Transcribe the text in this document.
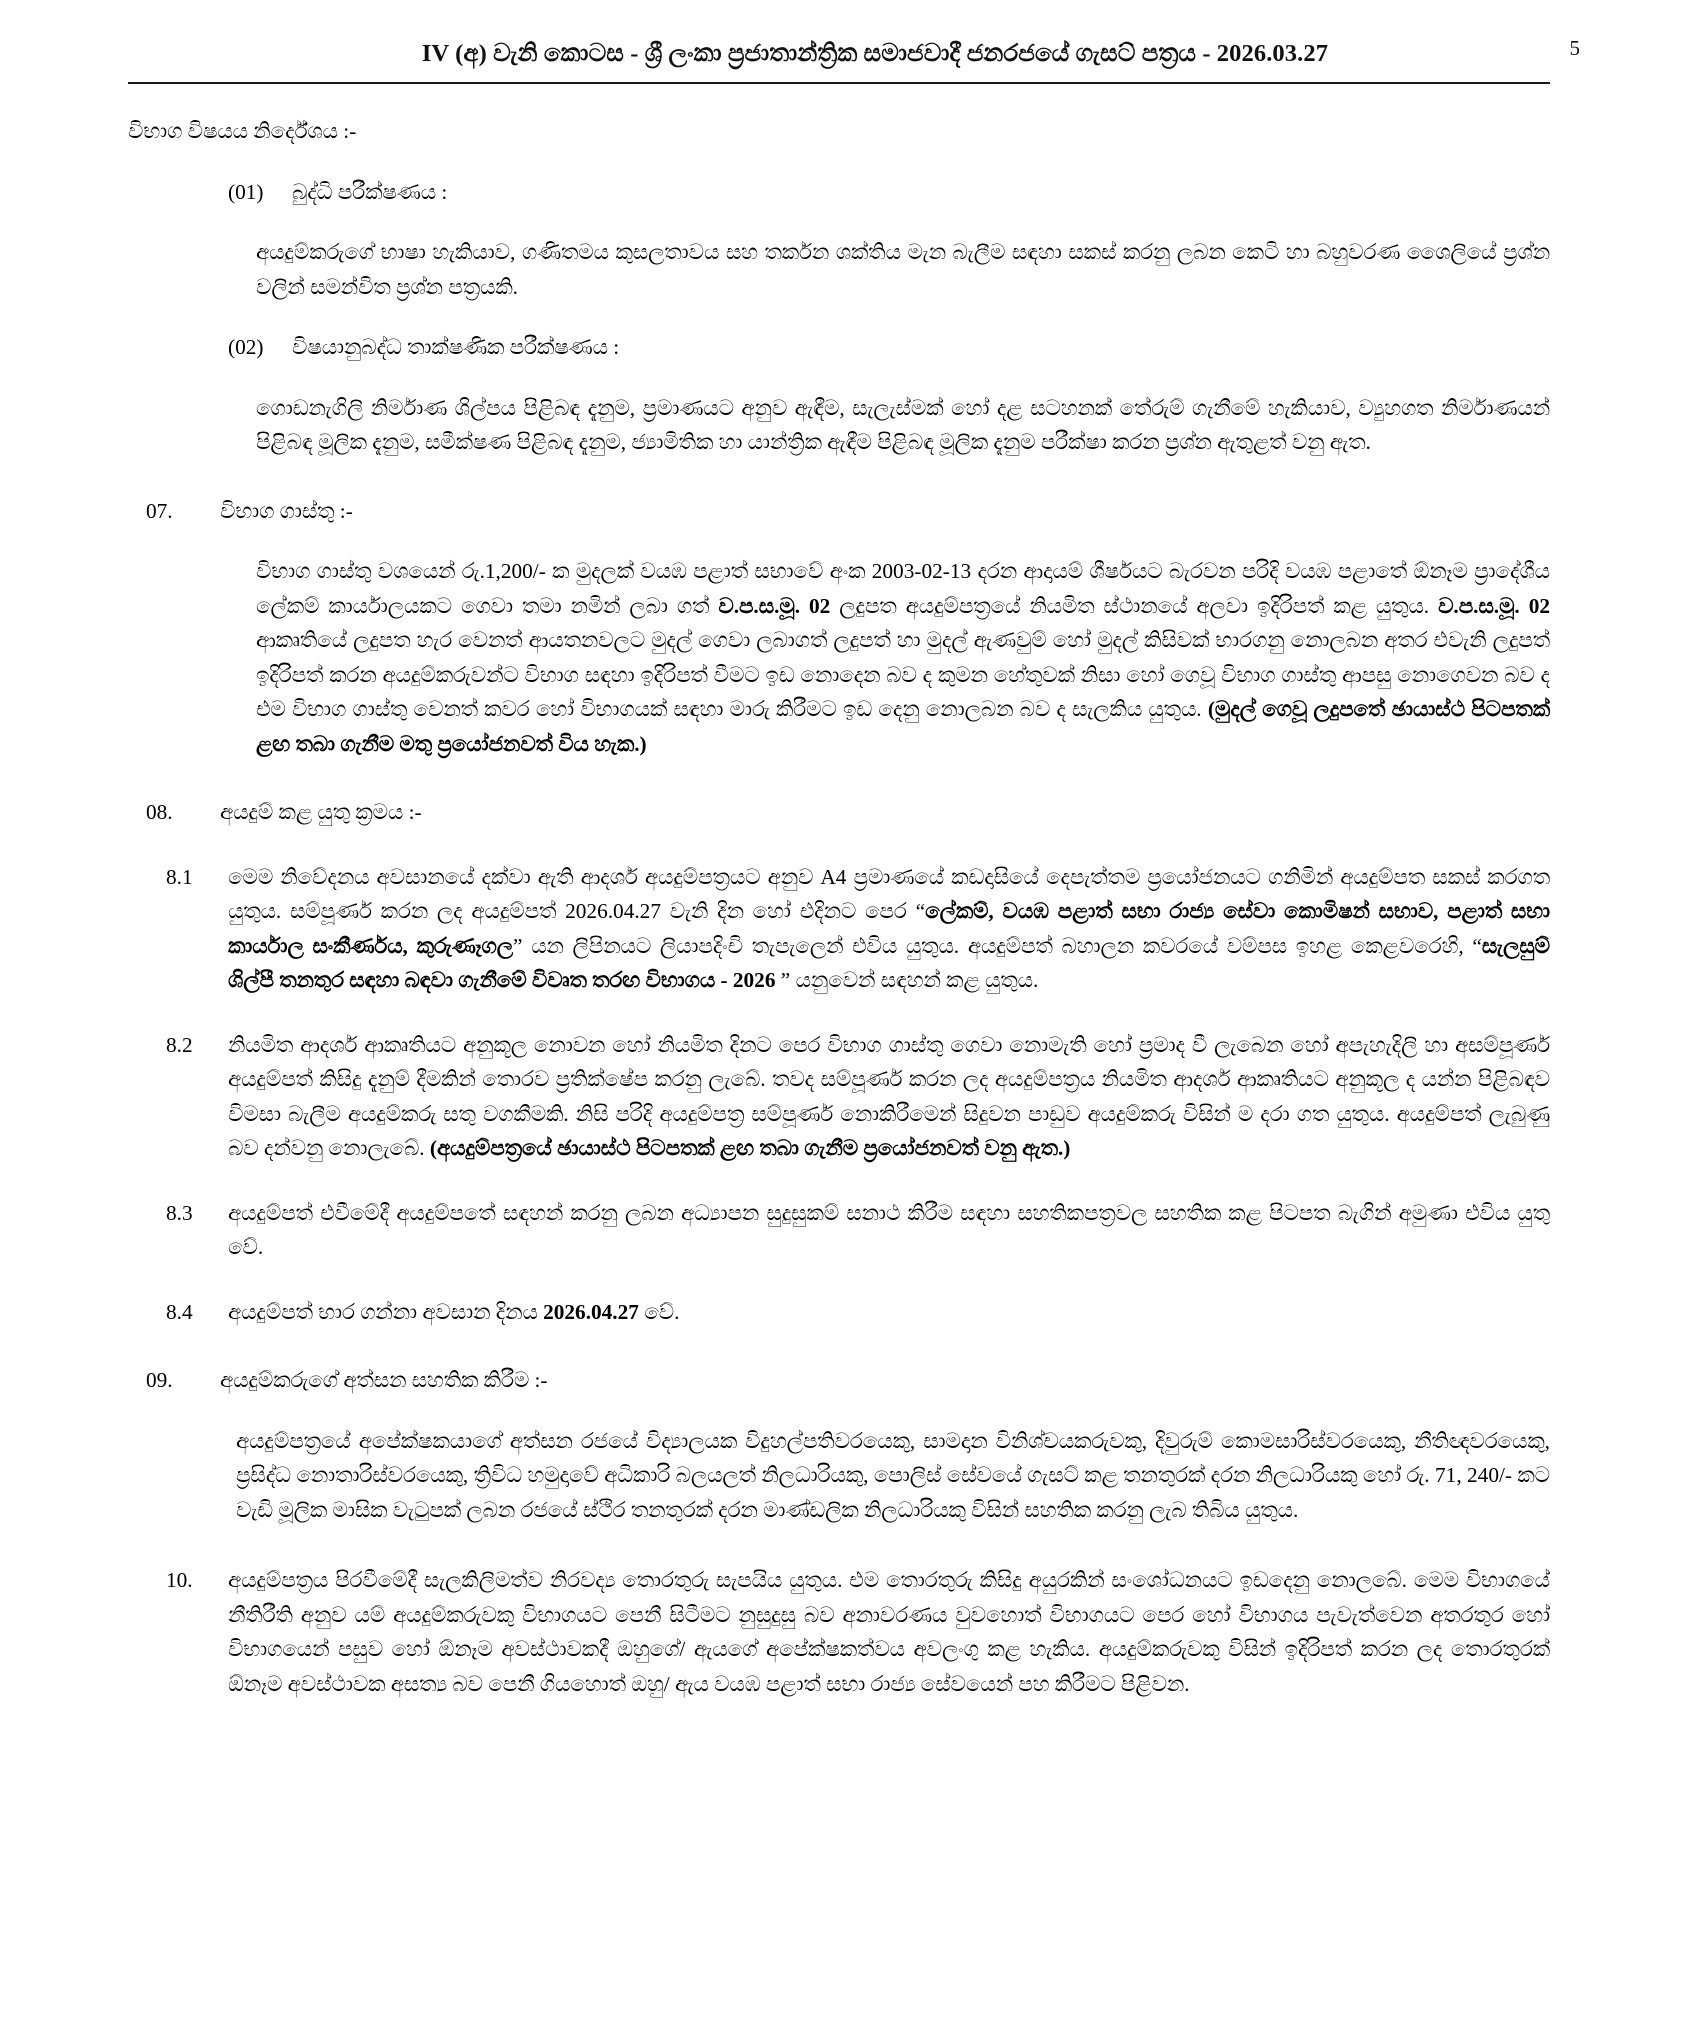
IV (අ) වැනි කොටස - ශ්‍රී ලංකා ප්‍රජාතාන්ත්‍රික සමාජවාදී ජනරජයේ ගැසට් පත්‍රය - 2026.03.27	5
විභාග විෂයය නිර්දේශය :-
(01)	බුද්ධි පරීක්ෂණය :
අයදුම්කරුගේ භාෂා හැකියාව, ගණිතමය කුසලතාවය සහ තර්කන ශක්තිය මැන බැලීම සඳහා සකස් කරනු ලබන කෙටි හා බහුවරණ ශෛලියේ ප්‍රශ්න වලින් සමන්විත ප්‍රශ්න පත්‍රයකි.
(02)	විෂයානුබද්ධ තාක්ෂණික පරීක්ෂණය :
ගොඩනැගිලි නිර්මාණ ශිල්පය පිළිබඳ දැනුම, ප්‍රමාණයට අනුව ඇඳීම, සැලැස්මක් හෝ දළ සටහනක් තේරුම් ගැනීමේ හැකියාව, ව්‍යුහගත නිර්මාණයන් පිළිබඳ මූලික දැනුම, සමීක්ෂණ පිළිබඳ දැනුම, ජ්‍යාමිතික හා යාන්ත්‍රික ඇඳීම පිළිබඳ මූලික දැනුම පරීක්ෂා කරන ප්‍රශ්න ඇතුළත් වනු ඇත.
07.	විභාග ගාස්තු :-
විභාග ගාස්තු වශයෙන් රු.1,200/- ක මුදලක් වයඹ පළාත් සභාවේ අංක 2003-02-13 දරන ආදායම් ශීර්ෂයට බැරවන පරිදි වයඹ පළාතේ ඕනෑම ප්‍රාදේශීය ලේකම් කාර්යාලයකට ගෙවා තමා නමින් ලබා ගත් ව.ප.ස.මූ. 02 ලදුපත අයදුම්පත්‍රයේ නියමිත ස්ථානයේ අලවා ඉදිරිපත් කළ යුතුය. ව.ප.ස.මූ. 02 ආකෘතියේ ලදුපත හැර වෙනත් ආයතනවලට මුදල් ගෙවා ලබාගත් ලදුපත් හා මුදල් ඇණවුම් හෝ මුදල් කිසිවක් භාරගනු නොලබන අතර එවැනි ලදුපත් ඉදිරිපත් කරන අයදුම්කරුවන්ට විභාග සඳහා ඉදිරිපත් වීමට ඉඩ නොදෙන බව ද කුමන හේතුවක් නිසා හෝ ගෙවූ විභාග ගාස්තු ආපසු නොගෙවන බව ද එම විභාග ගාස්තු වෙනත් කවර හෝ විභාගයක් සඳහා මාරු කිරීමට ඉඩ දෙනු නොලබන බව ද සැලකිය යුතුය. (මුදල් ගෙවූ ලදුපතේ ඡායාස්ථ පිටපතක් ළඟ තබා ගැනීම මතු ප්‍රයෝජනවත් විය හැක.)
08.	අයදුම් කළ යුතු ක්‍රමය :-
8.1	මෙම නිවේදනය අවසානයේ දක්වා ඇති ආදර්ශ අයදුම්පත්‍රයට අනුව A4 ප්‍රමාණයේ කඩදාසියේ දෙපැත්තම ප්‍රයෝජනයට ගනිමින් අයදුම්පත සකස් කරගත යුතුය. සම්පූර්ණ කරන ලද අයදුම්පත් 2026.04.27 වැනි දින හෝ එදිනට පෙර “ලේකම්, වයඹ පළාත් සභා රාජ්‍ය සේවා කොමිෂන් සභාව, පළාත් සභා කාර්යාල සංකීර්ණය, කුරුණෑගල” යන ලිපිනයට ලියාපදිංචි තැපැලෙන් එවිය යුතුය. අයදුම්පත් බහාලන කවරයේ වම්පස ඉහළ කෙළවරෙහි, “සැලසුම් ශිල්පී තනතුර සඳහා බඳවා ගැනීමේ විවෘත තරඟ විභාගය - 2026 ” යනුවෙන් සඳහන් කළ යුතුය.
8.2	නියමිත ආදර්ශ ආකෘතියට අනුකූල නොවන හෝ නියමිත දිනට පෙර විභාග ගාස්තු ගෙවා නොමැති හෝ ප්‍රමාද වී ලැබෙන හෝ අපැහැදිලි හා අසම්පූර්ණ අයදුම්පත් කිසිදු දැනුම් දීමකින් තොරව ප්‍රතික්ෂේප කරනු ලැබේ. තවද සම්පූර්ණ කරන ලද අයදුම්පත්‍රය නියමිත ආදර්ශ ආකෘතියට අනුකූල ද යන්න පිළිබඳව විමසා බැලීම අයදුම්කරු සතු වගකීමකි. නිසි පරිදි අයදුම්පත්‍ර සම්පූර්ණ නොකිරීමෙන් සිදුවන පාඩුව අයදුම්කරු විසින් ම දරා ගත යුතුය. අයදුම්පත් ලැබුණු බව දන්වනු නොලැබේ. (අයදුම්පත්‍රයේ ඡායාස්ථ පිටපතක් ළඟ තබා ගැනීම ප්‍රයෝජනවත් වනු ඇත.)
8.3	අයදුම්පත් එවීමේදී අයදුම්පතේ සඳහන් කරනු ලබන අධ්‍යාපන සුදුසුකම් සනාථ කිරීම සඳහා සහතිකපත්‍රවල සහතික කළ පිටපත බැගින් අමුණා එවිය යුතු වේ.
8.4	අයදුම්පත් භාර ගන්නා අවසාන දිනය 2026.04.27 වේ.
09.	අයදුම්කරුගේ අත්සන සහතික කිරීම :-
අයදුම්පත්‍රයේ අපේක්ෂකයාගේ අත්සන රජයේ විද්‍යාලයක විදුහල්පතිවරයෙකු, සාමදාන විනිශ්චයකරුවකු, දිවුරුම් කොමසාරිස්වරයෙකු, නීතිඥවරයෙකු, ප්‍රසිද්ධ නොතාරිස්වරයෙකු, ත්‍රිවිධ හමුදාවේ අධිකාරි බලයලත් නිලධාරියකු, පොලිස් සේවයේ ගැසට් කළ තනතුරක් දරන නිලධාරියකු හෝ රු. 71, 240/- කට වැඩි මූලික මාසික වැටුපක් ලබන රජයේ ස්ථිර තනතුරක් දරන මාණ්ඩලික නිලධාරියකු විසින් සහතික කරනු ලැබ තිබිය යුතුය.
10.	අයදුම්පත්‍රය පිරවීමේදී සැලකිලිමත්ව නිරවද්‍ය තොරතුරු සැපයිය යුතුය. එම තොරතුරු කිසිදු අයුරකින් සංශෝධනයට ඉඩදෙනු නොලබේ. මෙම විභාගයේ නීතිරීති අනුව යම් අයදුම්කරුවකු විභාගයට පෙනී සිටීමට නුසුදුසු බව අනාවරණය වුවහොත් විභාගයට පෙර හෝ විභාගය පැවැත්වෙන අතරතුර හෝ විභාගයෙන් පසුව හෝ ඕනෑම අවස්ථාවකදී ඔහුගේ/ ඇයගේ අපේක්ෂකත්වය අවලංගු කළ හැකිය. අයදුම්කරුවකු විසින් ඉදිරිපත් කරන ලද තොරතුරක් ඕනෑම අවස්ථාවක අසත්‍ය බව පෙනී ගියහොත් ඔහු/ ඇය වයඹ පළාත් සභා රාජ්‍ය සේවයෙන් පහ කිරීමට පිළිවන.
